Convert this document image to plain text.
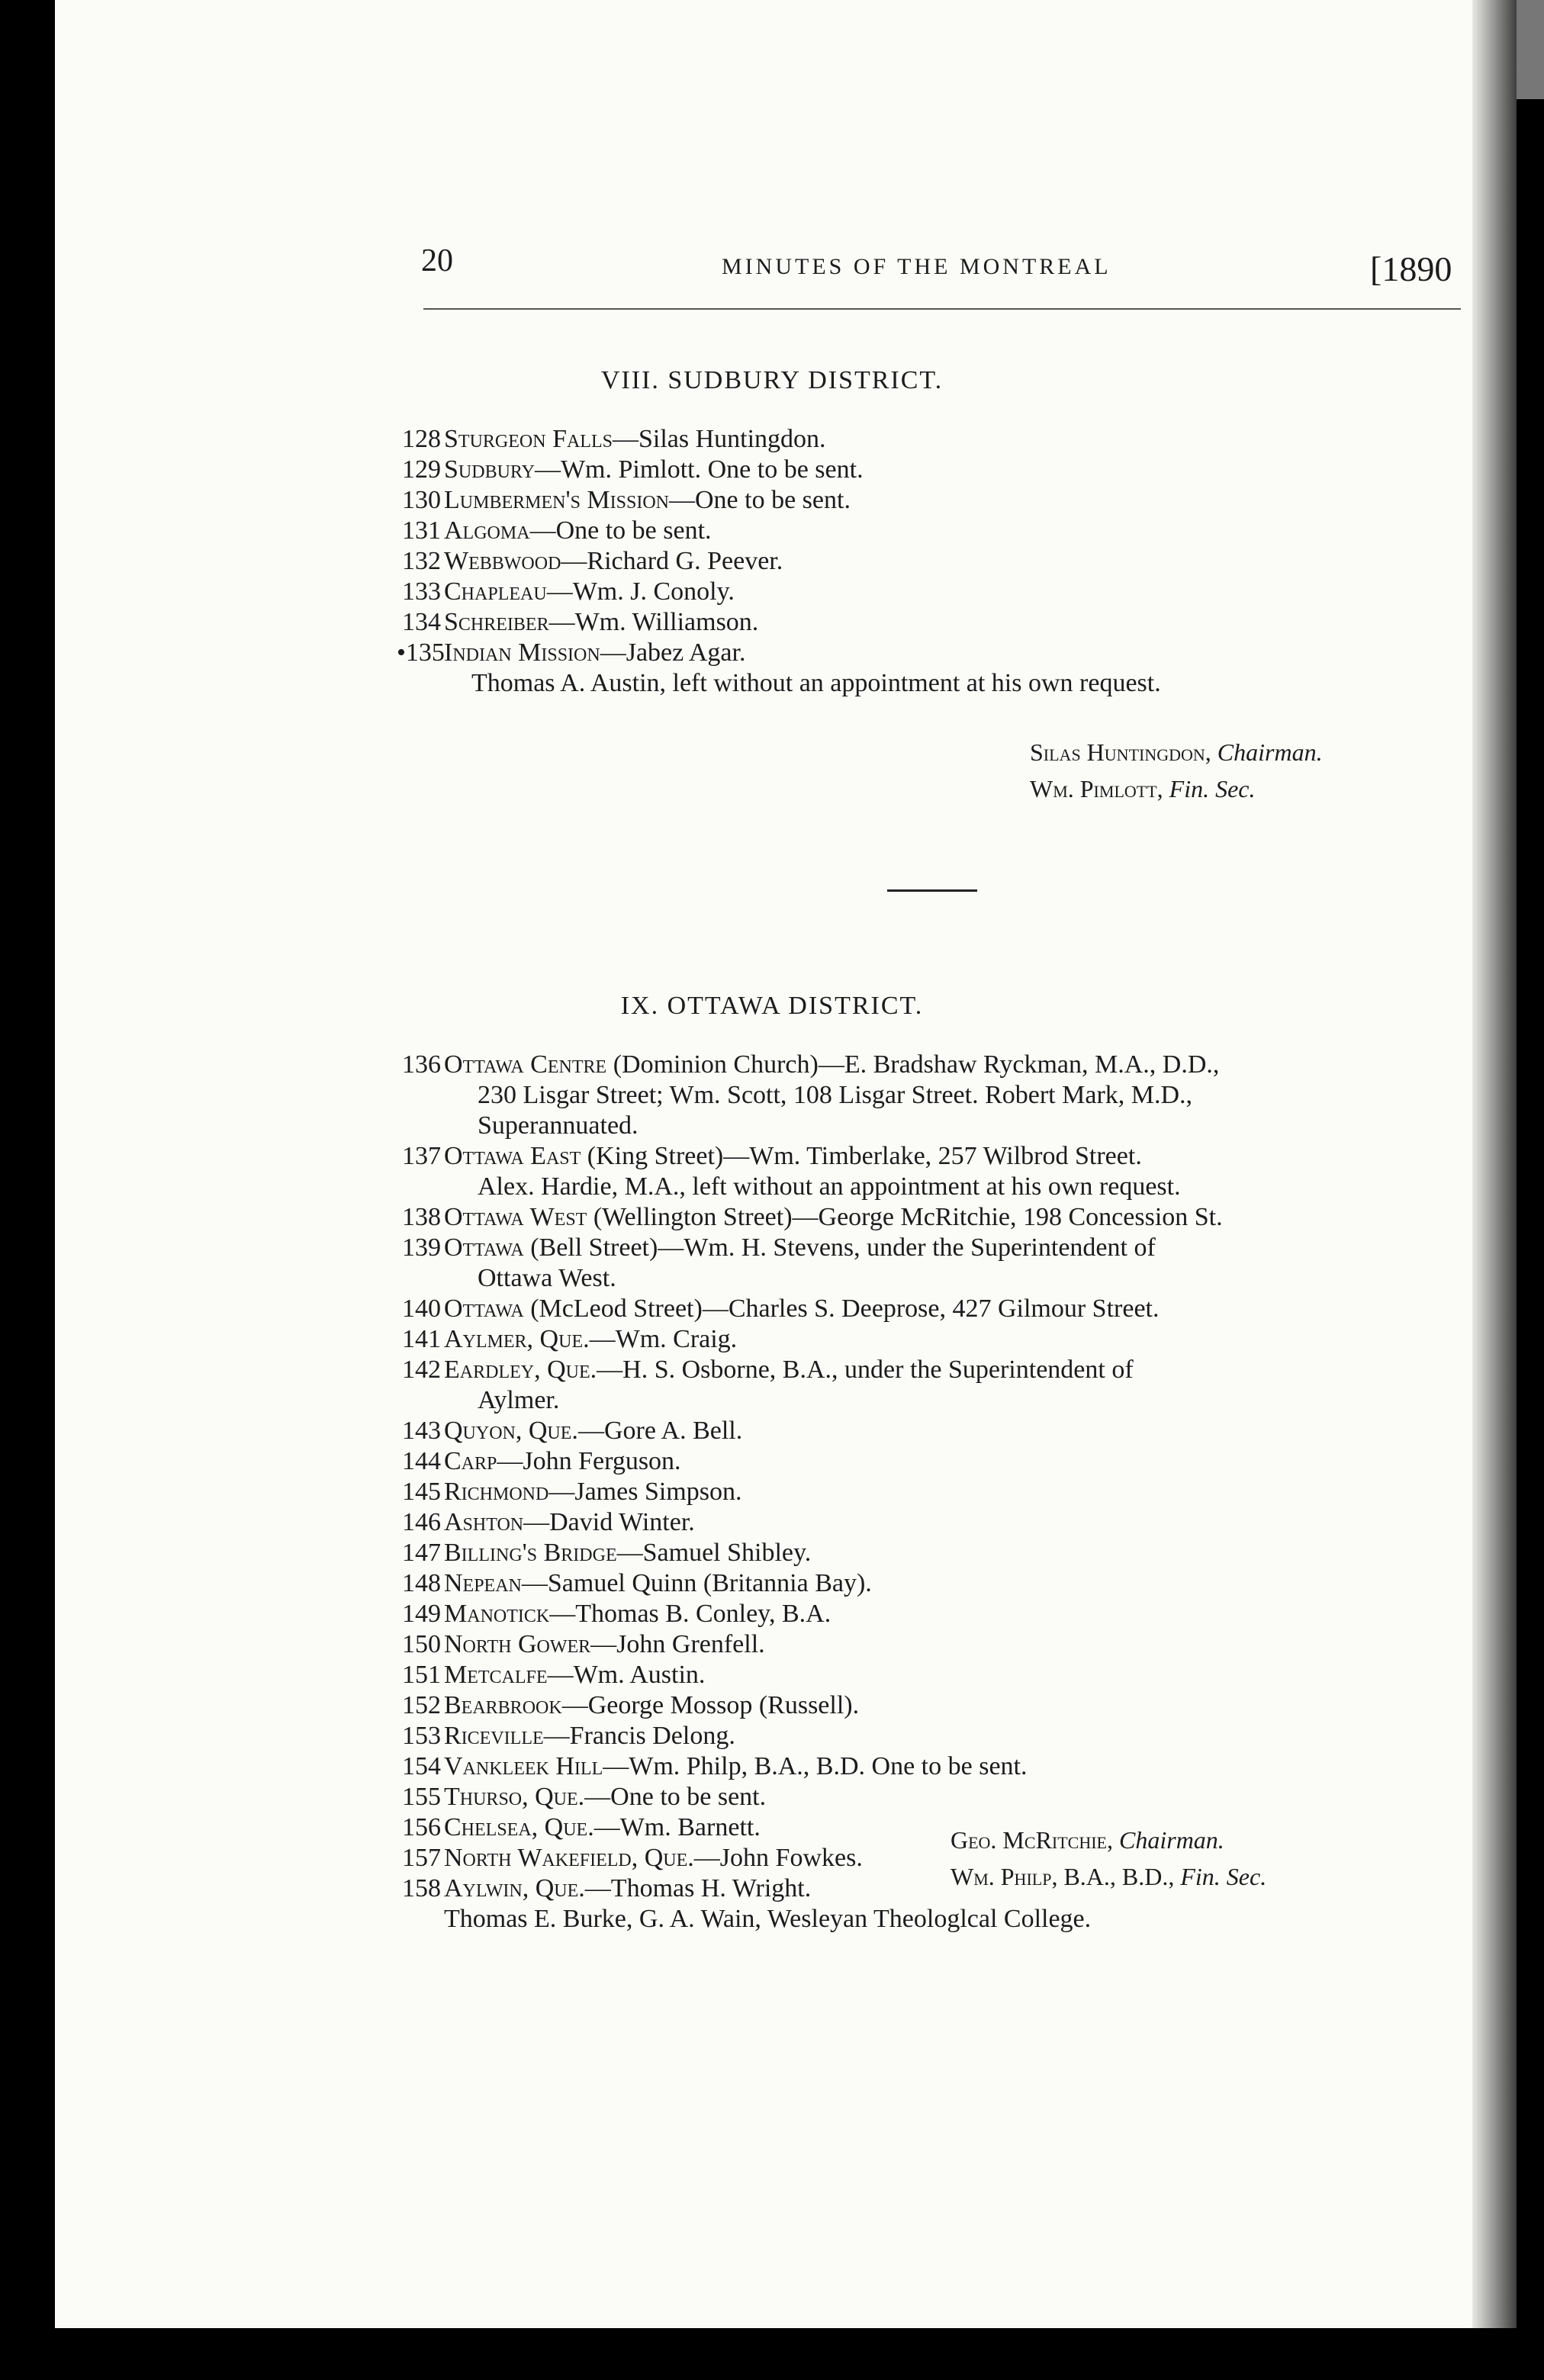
20	MINUTES OF THE MONTREAL	[1890
VIII. SUDBURY DISTRICT.
128 Sturgeon Falls—Silas Huntingdon.
129 Sudbury—Wm. Pimlott. One to be sent.
130 Lumbermen's Mission—One to be sent.
131 Algoma—One to be sent.
132 Webbwood—Richard G. Peever.
133 Chapleau—Wm. J. Conoly.
134 Schreiber—Wm. Williamson.
•135 Indian Mission—Jabez Agar.
Thomas A. Austin, left without an appointment at his own request.
Silas Huntingdon, Chairman.
Wm. Pimlott, Fin. Sec.
IX. OTTAWA DISTRICT.
136 Ottawa Centre (Dominion Church)—E. Bradshaw Ryckman, M.A., D.D.,
230 Lisgar Street; Wm. Scott, 108 Lisgar Street. Robert Mark, M.D.,
Superannuated.
137 Ottawa East (King Street)—Wm. Timberlake, 257 Wilbrod Street.
Alex. Hardie, M.A., left without an appointment at his own request.
138 Ottawa West (Wellington Street)—George McRitchie, 198 Concession St.
139 Ottawa (Bell Street)—Wm. H. Stevens, under the Superintendent of
Ottawa West.
140 Ottawa (McLeod Street)—Charles S. Deeprose, 427 Gilmour Street.
141 Aylmer, Que.—Wm. Craig.
142 Eardley, Que.—H. S. Osborne, B.A., under the Superintendent of
Aylmer.
143 Quyon, Que.—Gore A. Bell.
144 Carp—John Ferguson.
145 Richmond—James Simpson.
146 Ashton—David Winter.
147 Billing's Bridge—Samuel Shibley.
148 Nepean—Samuel Quinn (Britannia Bay).
149 Manotick—Thomas B. Conley, B.A.
150 North Gower—John Grenfell.
151 Metcalfe—Wm. Austin.
152 Bearbrook—George Mossop (Russell).
153 Riceville—Francis Delong.
154 Vankleek Hill—Wm. Philp, B.A., B.D. One to be sent.
155 Thurso, Que.—One to be sent.
156 Chelsea, Que.—Wm. Barnett.
157 North Wakefield, Que.—John Fowkes.
158 Aylwin, Que.—Thomas H. Wright.
Thomas E. Burke, G. A. Wain, Wesleyan Theologlcal College.
Geo. McRitchie, Chairman.
Wm. Philp, B.A., B.D., Fin. Sec.
